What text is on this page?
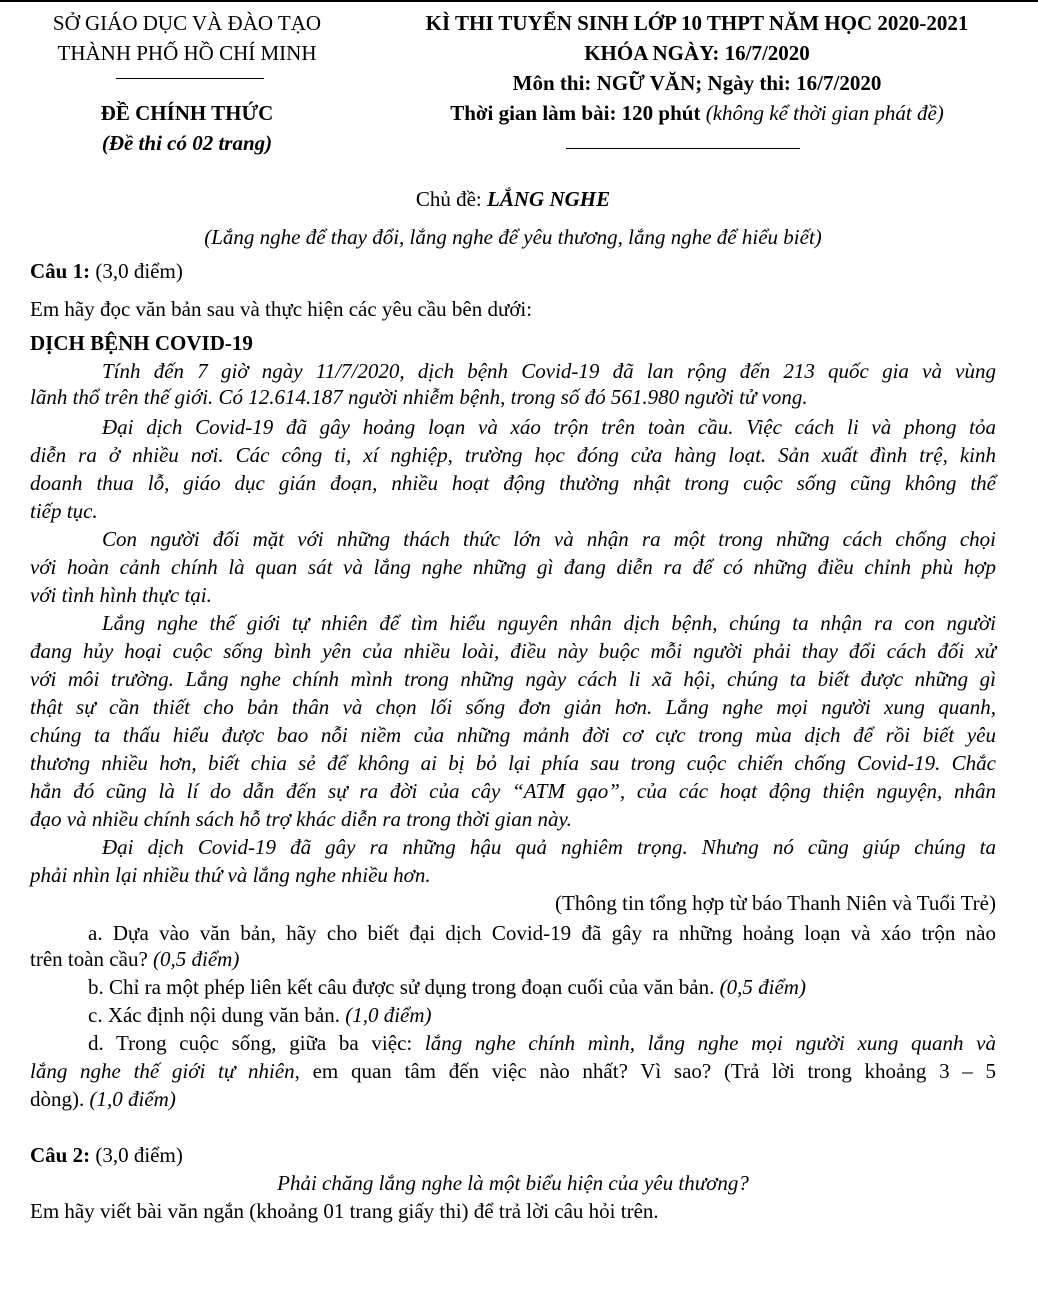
SỞ GIÁO DỤC VÀ ĐÀO TẠO
THÀNH PHỐ HỒ CHÍ MINH
ĐỀ CHÍNH THỨC
(Đề thi có 02 trang)
KÌ THI TUYỂN SINH LỚP 10 THPT NĂM HỌC 2020-2021
KHÓA NGÀY: 16/7/2020
Môn thi: NGỮ VĂN; Ngày thi: 16/7/2020
Thời gian làm bài: 120 phút (không kể thời gian phát đề)
Chủ đề: LẮNG NGHE
(Lắng nghe để thay đổi, lắng nghe để yêu thương, lắng nghe để hiểu biết)
Câu 1: (3,0 điểm)
Em hãy đọc văn bản sau và thực hiện các yêu cầu bên dưới:
DỊCH BỆNH COVID-19
Tính đến 7 giờ ngày 11/7/2020, dịch bệnh Covid-19 đã lan rộng đến 213 quốc gia và vùng
lãnh thổ trên thế giới. Có 12.614.187 người nhiễm bệnh, trong số đó 561.980 người tử vong.
Đại dịch Covid-19 đã gây hoảng loạn và xáo trộn trên toàn cầu. Việc cách li và phong tỏa
diễn ra ở nhiều nơi. Các công ti, xí nghiệp, trường học đóng cửa hàng loạt. Sản xuất đình trệ, kinh
doanh thua lỗ, giáo dục gián đoạn, nhiều hoạt động thường nhật trong cuộc sống cũng không thể
tiếp tục.
Con người đối mặt với những thách thức lớn và nhận ra một trong những cách chống chọi
với hoàn cảnh chính là quan sát và lắng nghe những gì đang diễn ra để có những điều chỉnh phù hợp
với tình hình thực tại.
Lắng nghe thế giới tự nhiên để tìm hiểu nguyên nhân dịch bệnh, chúng ta nhận ra con người
đang hủy hoại cuộc sống bình yên của nhiều loài, điều này buộc mỗi người phải thay đổi cách đối xử
với môi trường. Lắng nghe chính mình trong những ngày cách li xã hội, chúng ta biết được những gì
thật sự cần thiết cho bản thân và chọn lối sống đơn giản hơn. Lắng nghe mọi người xung quanh,
chúng ta thấu hiểu được bao nỗi niềm của những mảnh đời cơ cực trong mùa dịch để rồi biết yêu
thương nhiều hơn, biết chia sẻ để không ai bị bỏ lại phía sau trong cuộc chiến chống Covid-19. Chắc
hẳn đó cũng là lí do dẫn đến sự ra đời của cây “ATM gạo”, của các hoạt động thiện nguyện, nhân
đạo và nhiều chính sách hỗ trợ khác diễn ra trong thời gian này.
Đại dịch Covid-19 đã gây ra những hậu quả nghiêm trọng. Nhưng nó cũng giúp chúng ta
phải nhìn lại nhiều thứ và lắng nghe nhiều hơn.
(Thông tin tổng hợp từ báo Thanh Niên và Tuổi Trẻ)
a. Dựa vào văn bản, hãy cho biết đại dịch Covid-19 đã gây ra những hoảng loạn và xáo trộn nào
trên toàn cầu? (0,5 điểm)
b. Chỉ ra một phép liên kết câu được sử dụng trong đoạn cuối của văn bản. (0,5 điểm)
c. Xác định nội dung văn bản. (1,0 điểm)
d. Trong cuộc sống, giữa ba việc: lắng nghe chính mình, lắng nghe mọi người xung quanh và
lắng nghe thế giới tự nhiên, em quan tâm đến việc nào nhất? Vì sao? (Trả lời trong khoảng 3 – 5
dòng). (1,0 điểm)
Câu 2: (3,0 điểm)
Phải chăng lắng nghe là một biểu hiện của yêu thương?
Em hãy viết bài văn ngắn (khoảng 01 trang giấy thi) để trả lời câu hỏi trên.
